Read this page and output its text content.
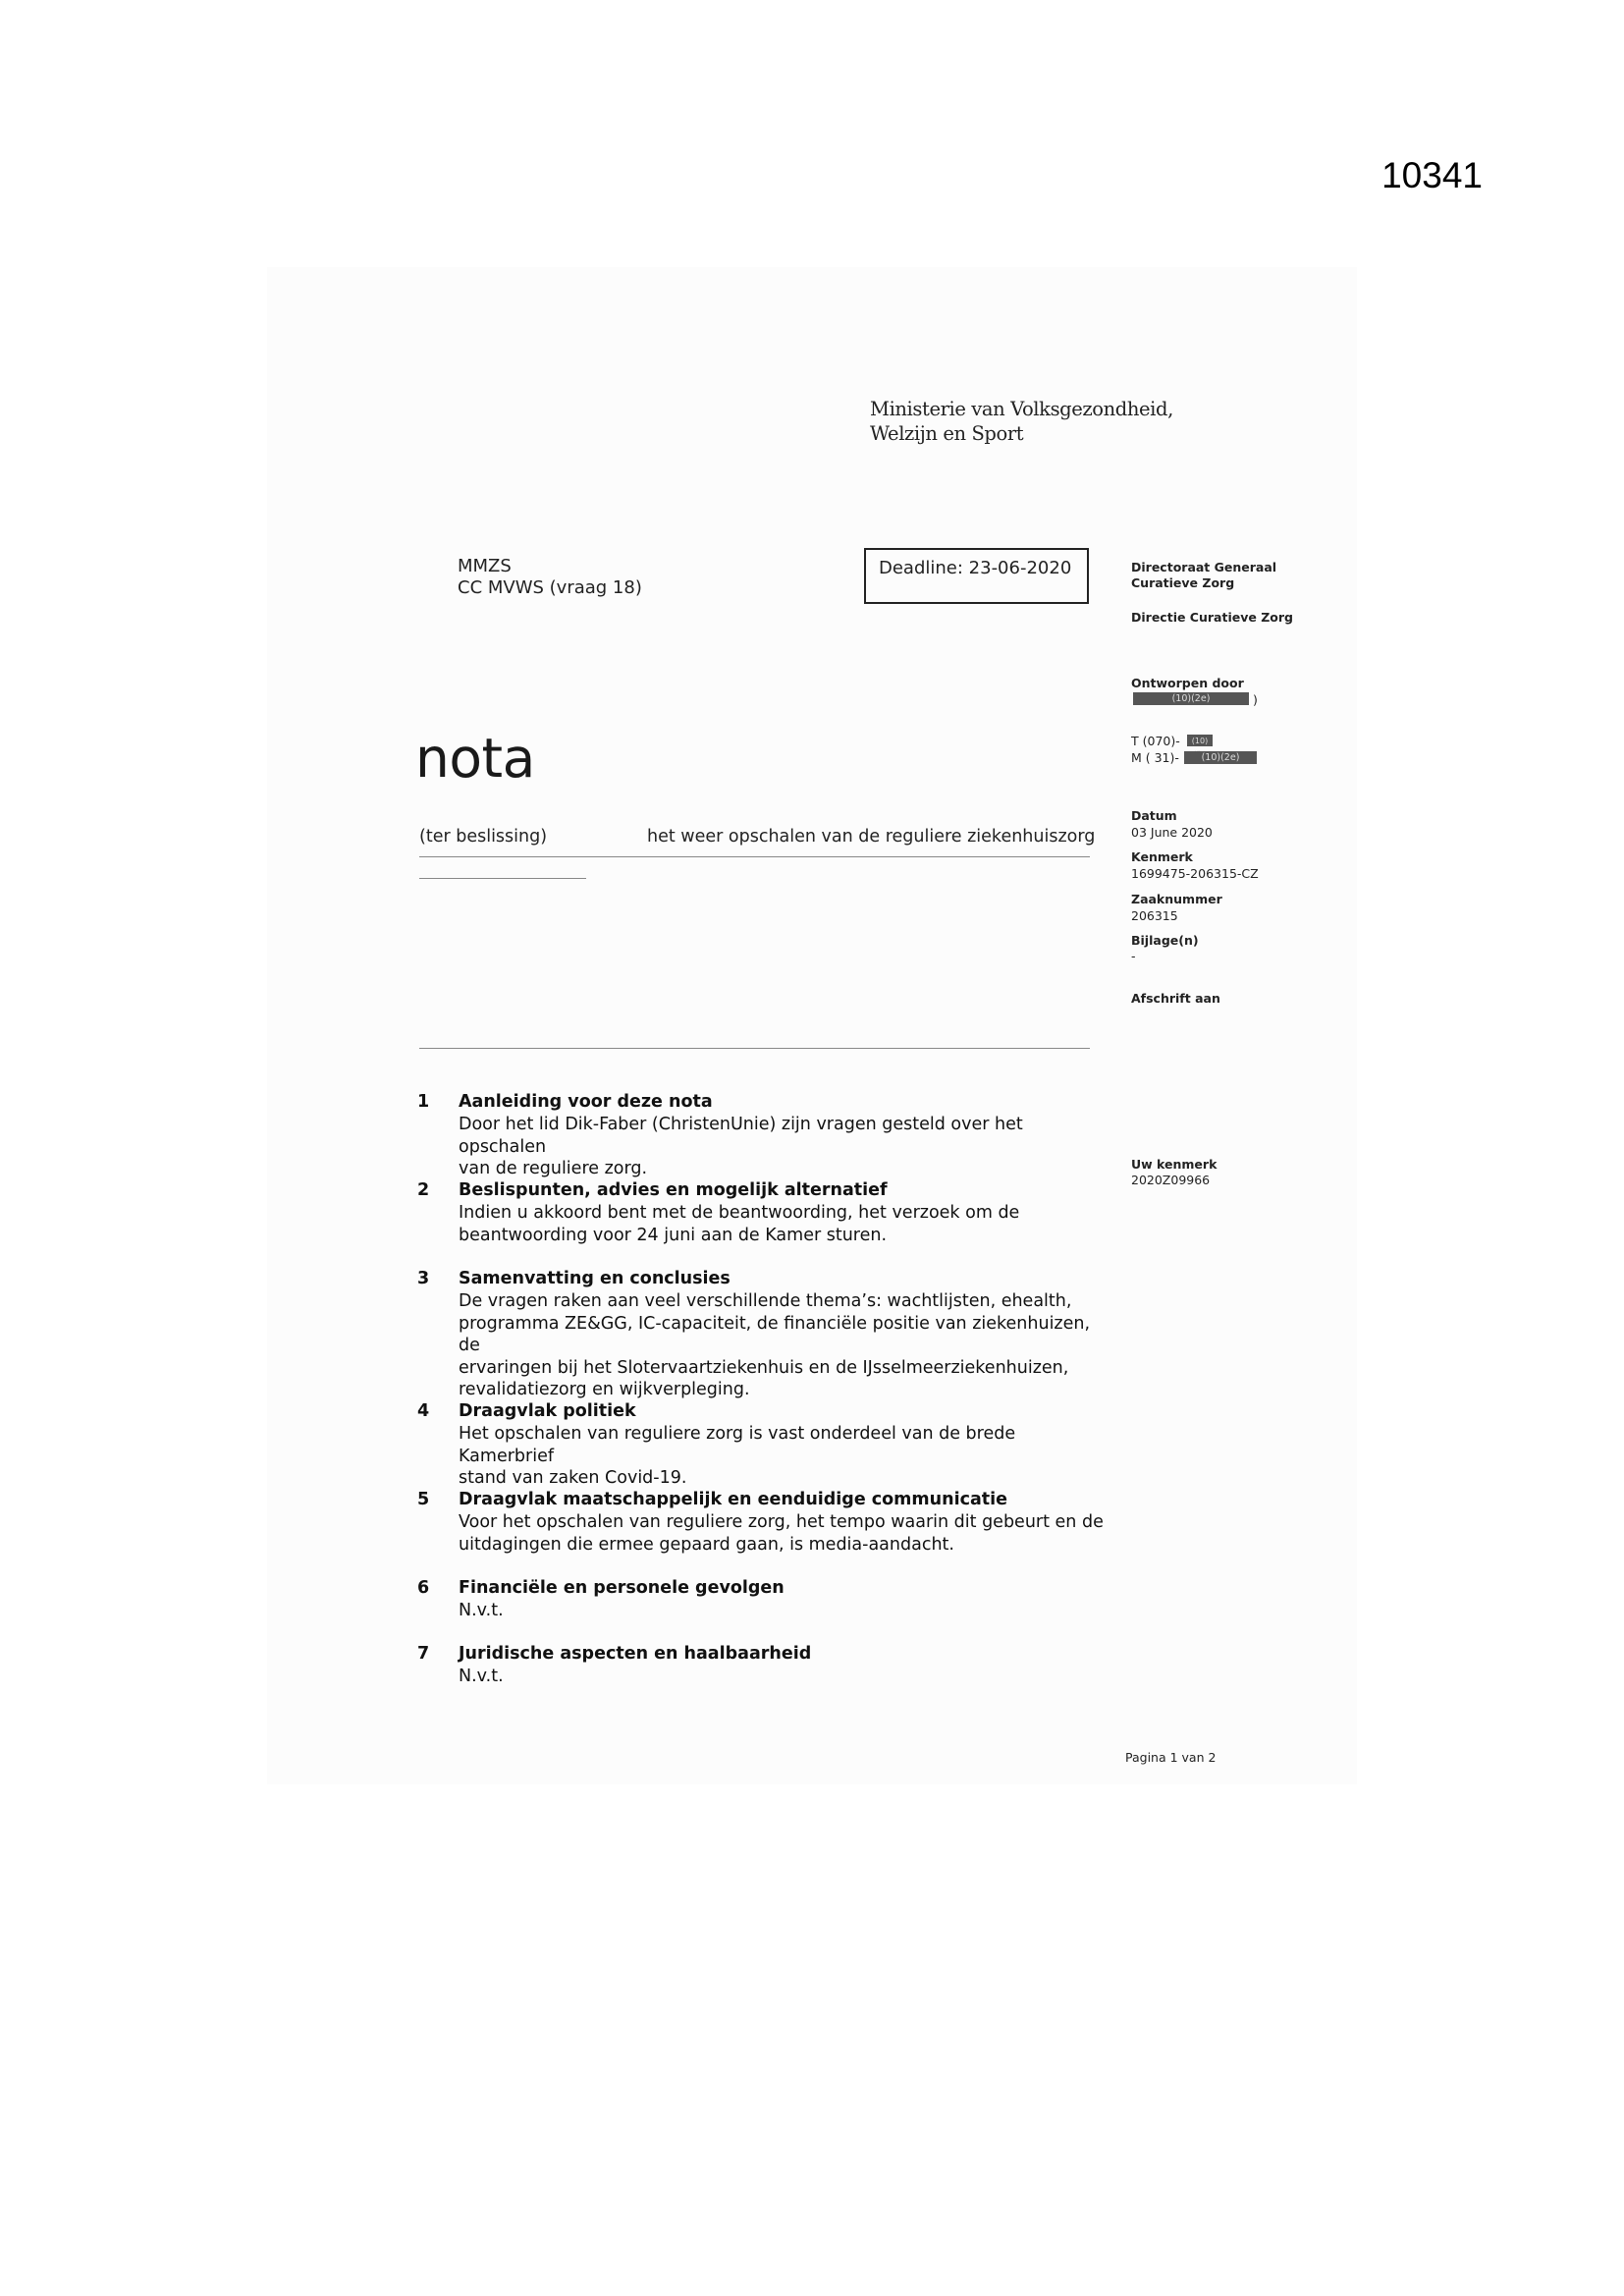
10341
Ministerie van Volksgezondheid,
Welzijn en Sport
MMZS
CC MVWS (vraag 18)
Deadline: 23-06-2020
nota
(ter beslissing)	het weer opschalen van de reguliere ziekenhuiszorg
Directoraat Generaal
Curatieve Zorg
Directie Curatieve Zorg
Ontworpen door
(10)(2e)	)
T (070)-	(10)
M ( 31)-	(10)(2e)
Datum
03 June 2020
Kenmerk
1699475-206315-CZ
Zaaknummer
206315
Bijlage(n)
-
Afschrift aan
Uw kenmerk
2020Z09966
1 Aanleiding voor deze nota
Door het lid Dik-Faber (ChristenUnie) zijn vragen gesteld over het opschalen
van de reguliere zorg.
2 Beslispunten, advies en mogelijk alternatief
Indien u akkoord bent met de beantwoording, het verzoek om de
beantwoording voor 24 juni aan de Kamer sturen.
3 Samenvatting en conclusies
De vragen raken aan veel verschillende thema’s: wachtlijsten, ehealth,
programma ZE&GG, IC-capaciteit, de financiële positie van ziekenhuizen, de
ervaringen bij het Slotervaartziekenhuis en de IJsselmeerziekenhuizen,
revalidatiezorg en wijkverpleging.
4 Draagvlak politiek
Het opschalen van reguliere zorg is vast onderdeel van de brede Kamerbrief
stand van zaken Covid-19.
5 Draagvlak maatschappelijk en eenduidige communicatie
Voor het opschalen van reguliere zorg, het tempo waarin dit gebeurt en de
uitdagingen die ermee gepaard gaan, is media-aandacht.
6 Financiële en personele gevolgen
N.v.t.
7 Juridische aspecten en haalbaarheid
N.v.t.
Pagina 1 van 2
